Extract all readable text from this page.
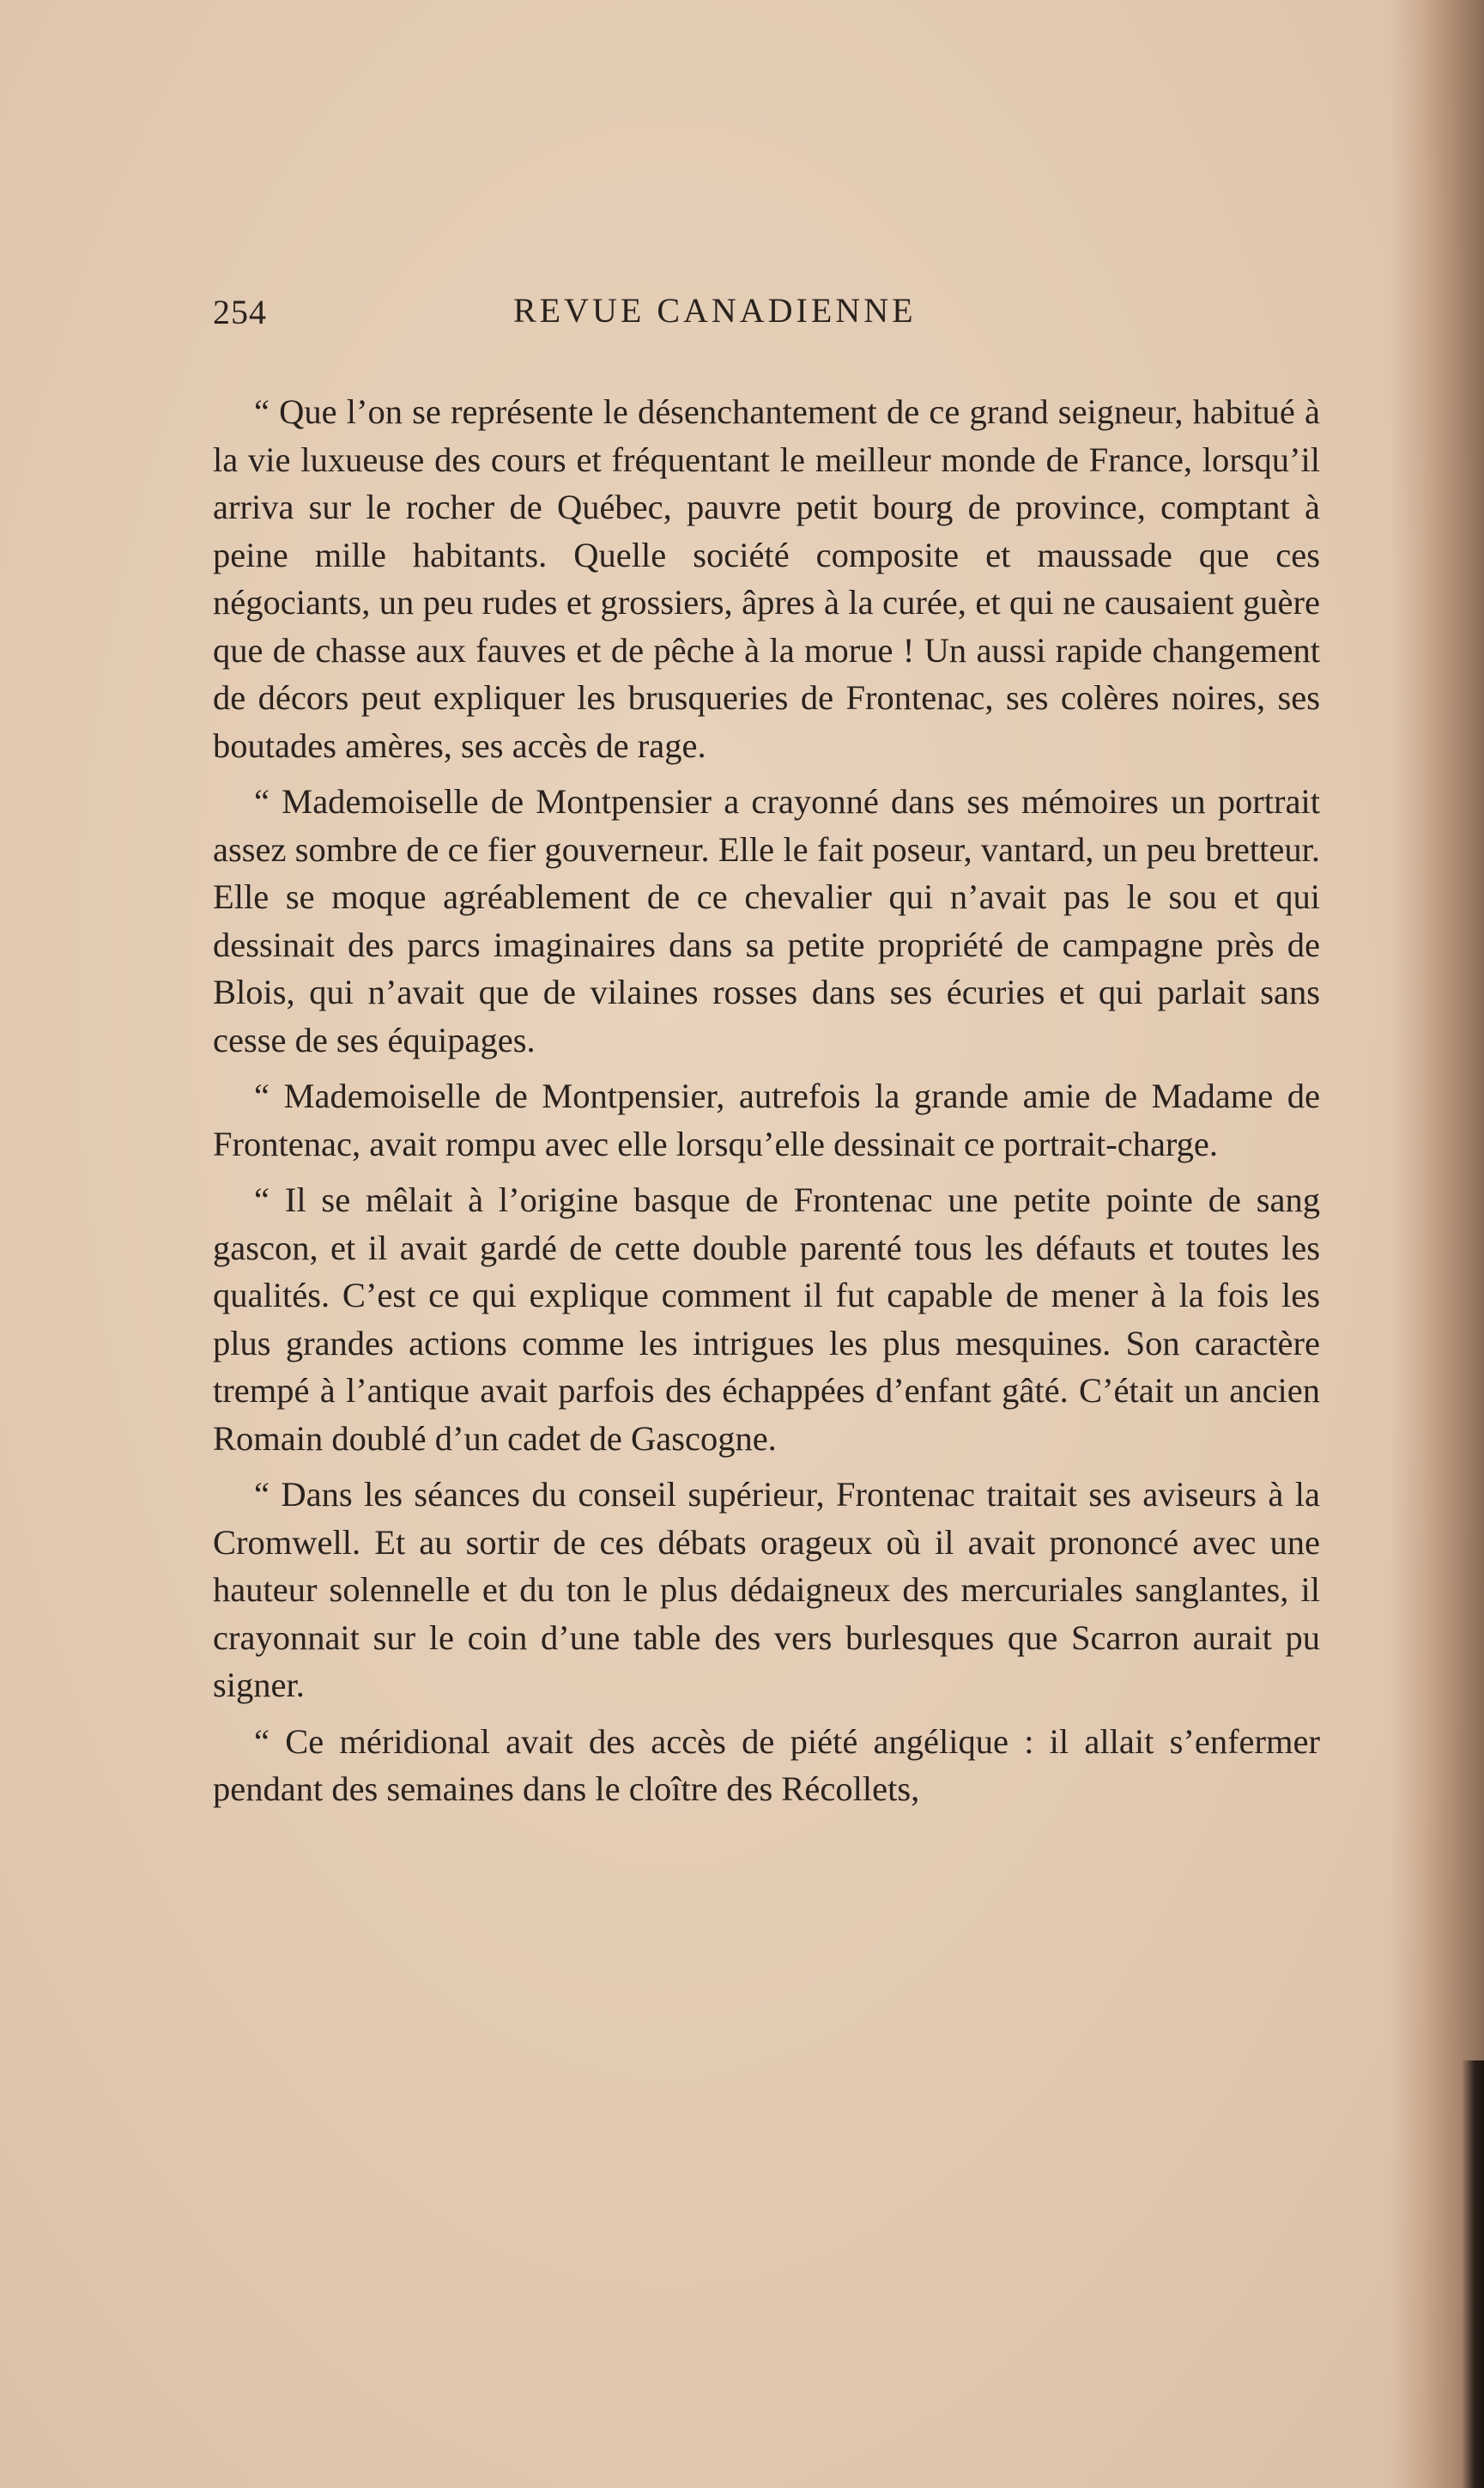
254	REVUE CANADIENNE

“ Que l’on se représente le désenchantement de ce grand seigneur, habitué à la vie luxueuse des cours et fréquentant le meilleur monde de France, lorsqu’il arriva sur le rocher de Québec, pauvre petit bourg de province, comptant à peine mille habitants. Quelle société composite et maussade que ces négociants, un peu rudes et grossiers, âpres à la curée, et qui ne causaient guère que de chasse aux fauves et de pêche à la morue ! Un aussi rapide changement de décors peut expliquer les brusqueries de Frontenac, ses colères noires, ses boutades amères, ses accès de rage.

“ Mademoiselle de Montpensier a crayonné dans ses mémoires un portrait assez sombre de ce fier gouverneur. Elle le fait poseur, vantard, un peu bretteur. Elle se moque agréablement de ce chevalier qui n’avait pas le sou et qui dessinait des parcs imaginaires dans sa petite propriété de campagne près de Blois, qui n’avait que de vilaines rosses dans ses écuries et qui parlait sans cesse de ses équipages.

“ Mademoiselle de Montpensier, autrefois la grande amie de Madame de Frontenac, avait rompu avec elle lorsqu’elle dessinait ce portrait-charge.

“ Il se mêlait à l’origine basque de Frontenac une petite pointe de sang gascon, et il avait gardé de cette double parenté tous les défauts et toutes les qualités. C’est ce qui explique comment il fut capable de mener à la fois les plus grandes actions comme les intrigues les plus mesquines. Son caractère trempé à l’antique avait parfois des échappées d’enfant gâté. C’était un ancien Romain doublé d’un cadet de Gascogne.

“ Dans les séances du conseil supérieur, Frontenac traitait ses aviseurs à la Cromwell. Et au sortir de ces débats orageux où il avait prononcé avec une hauteur solennelle et du ton le plus dédaigneux des mercuriales sanglantes, il crayonnait sur le coin d’une table des vers burlesques que Scarron aurait pu signer.

“ Ce méridional avait des accès de piété angélique : il allait s’enfermer pendant des semaines dans le cloître des Récollets,
